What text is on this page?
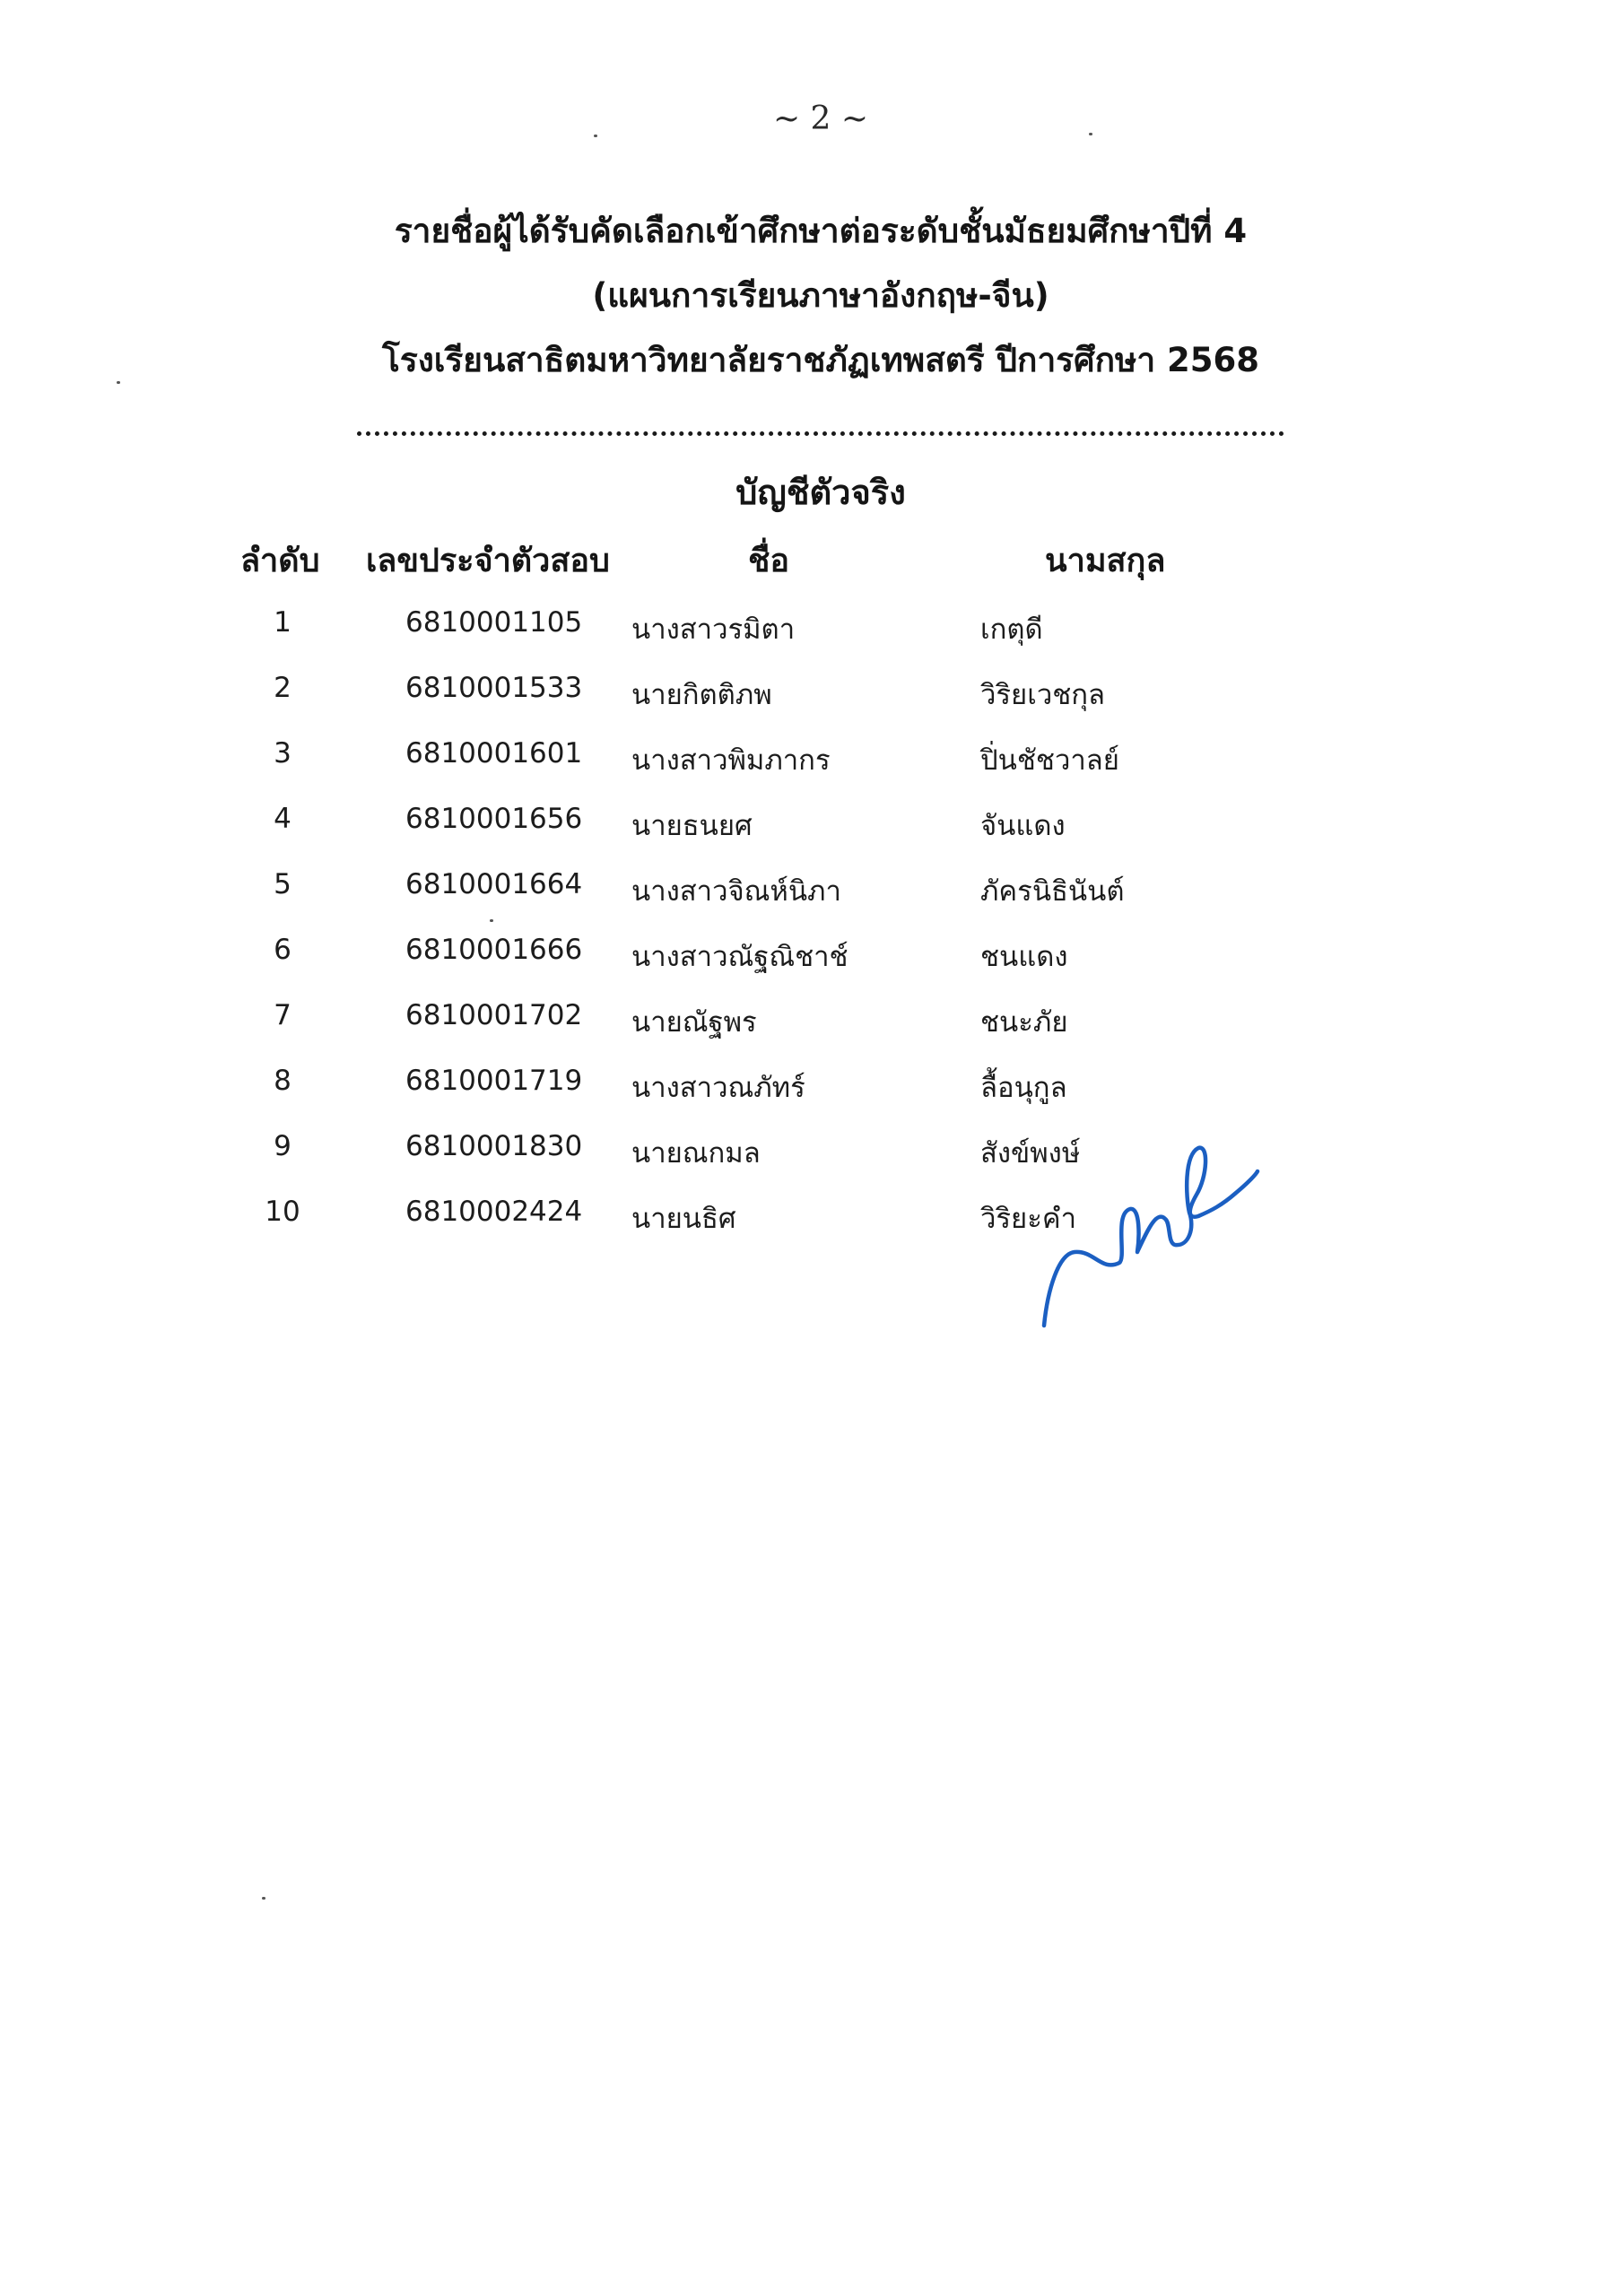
~ 2 ~
รายชื่อผู้ได้รับคัดเลือกเข้าศึกษาต่อระดับชั้นมัธยมศึกษาปีที่ 4
(แผนการเรียนภาษาอังกฤษ-จีน)
โรงเรียนสาธิตมหาวิทยาลัยราชภัฏเทพสตรี ปีการศึกษา 2568
บัญชีตัวจริง
ลำดับ เลขประจำตัวสอบ	ชื่อ	นามสกุล
1	6810001105 นางสาวรมิตา	เกตุดี
2	6810001533 นายกิตติภพ	วิริยเวชกุล
3	6810001601 นางสาวพิมภากร	ปิ่นชัชวาลย์
4	6810001656 นายธนยศ	จันแดง
5	6810001664 นางสาวจิณห์นิภา	ภัครนิธินันต์
6	6810001666 นางสาวณัฐณิชาช์	ชนแดง
7	6810001702 นายณัฐพร	ชนะภัย
8	6810001719 นางสาวณภัทร์	ลื้อนุกูล
9	6810001830 นายณกมล	สังข์พงษ์
10	6810002424 นายนธิศ	วิริยะคำ
